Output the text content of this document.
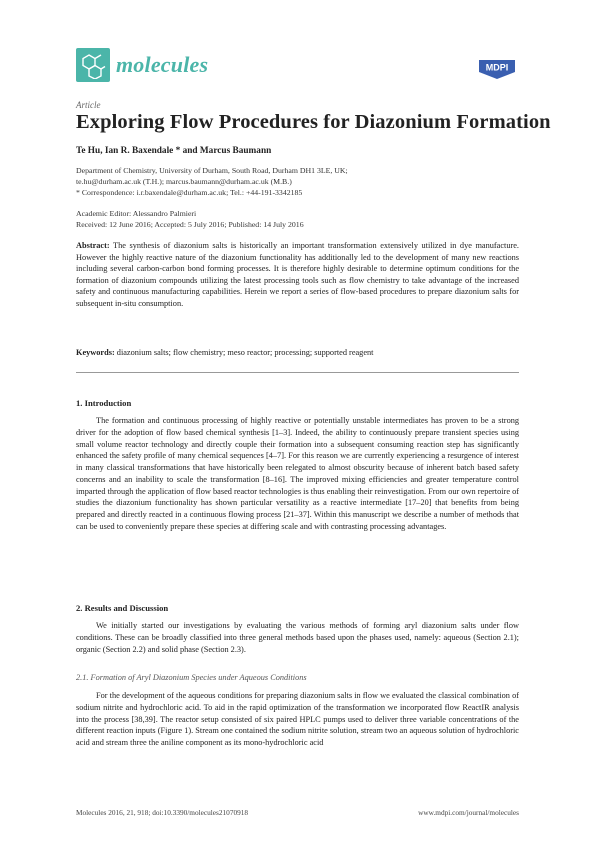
molecules	MDPI
Article
Exploring Flow Procedures for Diazonium Formation
Te Hu, Ian R. Baxendale * and Marcus Baumann
Department of Chemistry, University of Durham, South Road, Durham DH1 3LE, UK;
te.hu@durham.ac.uk (T.H.); marcus.baumann@durham.ac.uk (M.B.)
* Correspondence: i.r.baxendale@durham.ac.uk; Tel.: +44-191-3342185
Academic Editor: Alessandro Palmieri
Received: 12 June 2016; Accepted: 5 July 2016; Published: 14 July 2016
Abstract: The synthesis of diazonium salts is historically an important transformation extensively utilized in dye manufacture. However the highly reactive nature of the diazonium functionality has additionally led to the development of many new reactions including several carbon-carbon bond forming processes. It is therefore highly desirable to determine optimum conditions for the formation of diazonium compounds utilizing the latest processing tools such as flow chemistry to take advantage of the increased safety and continuous manufacturing capabilities. Herein we report a series of flow-based procedures to prepare diazonium salts for subsequent in-situ consumption.
Keywords: diazonium salts; flow chemistry; meso reactor; processing; supported reagent
1. Introduction
The formation and continuous processing of highly reactive or potentially unstable intermediates has proven to be a strong driver for the adoption of flow based chemical synthesis [1–3]. Indeed, the ability to continuously prepare transient species using small volume reactor technology and directly couple their formation into a subsequent consuming reaction step has significantly enhanced the safety profile of many chemical sequences [4–7]. For this reason we are currently experiencing a resurgence of interest in many classical transformations that have historically been relegated to almost obscurity because of inherent batch based safety concerns and an inability to scale the transformation [8–16]. The improved mixing efficiencies and greater temperature control imparted through the application of flow based reactor technologies is thus enabling their reinvestigation. From our own repertoire of studies the diazonium functionality has shown particular versatility as a reactive intermediate [17–20] that benefits from being prepared and directly reacted in a continuous flowing process [21–37]. Within this manuscript we describe a number of methods that can be used to conveniently prepare these species at differing scale and with contrasting processing advantages.
2. Results and Discussion
We initially started our investigations by evaluating the various methods of forming aryl diazonium salts under flow conditions. These can be broadly classified into three general methods based upon the phases used, namely: aqueous (Section 2.1); organic (Section 2.2) and solid phase (Section 2.3).
2.1. Formation of Aryl Diazonium Species under Aqueous Conditions
For the development of the aqueous conditions for preparing diazonium salts in flow we evaluated the classical combination of sodium nitrite and hydrochloric acid. To aid in the rapid optimization of the transformation we incorporated flow ReactIR analysis into the process [38,39]. The reactor setup consisted of six paired HPLC pumps used to deliver three variable concentrations of the different reaction inputs (Figure 1). Stream one contained the sodium nitrite solution, stream two an aqueous solution of hydrochloric acid and stream three the aniline component as its mono-hydrochloric acid
Molecules 2016, 21, 918; doi:10.3390/molecules21070918	www.mdpi.com/journal/molecules
